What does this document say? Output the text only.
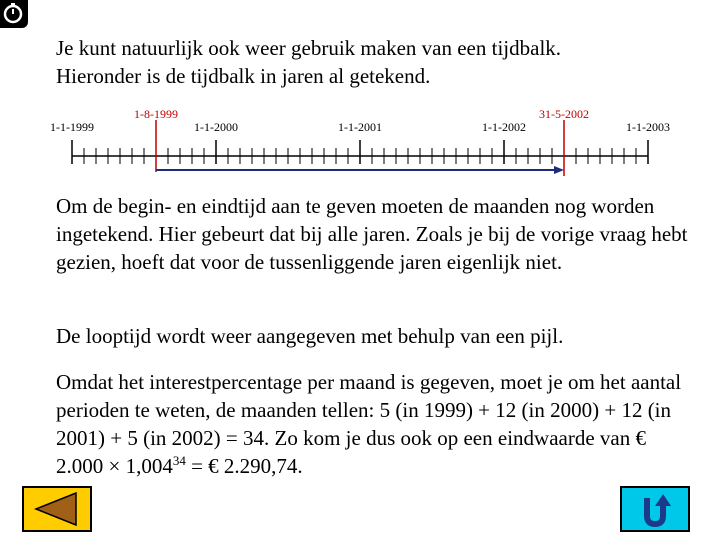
Je kunt natuurlijk ook weer gebruik maken van een tijdbalk.
Hieronder is de tijdbalk in jaren al getekend.

1-1-1999	1-1-2000	1-1-2001	1-1-2002	1-1-2003
1-8-1999	31-5-2002

Om de begin- en eindtijd aan te geven moeten de maanden nog worden ingetekend. Hier gebeurt dat bij alle jaren. Zoals je bij de vorige vraag hebt gezien, hoeft dat voor de tussenliggende jaren eigenlijk niet.

De looptijd wordt weer aangegeven met behulp van een pijl.

Omdat het interestpercentage per maand is gegeven, moet je om het aantal perioden te weten, de maanden tellen: 5 (in 1999) + 12 (in 2000) + 12 (in 2001) + 5 (in 2002) = 34. Zo kom je dus ook op een eindwaarde van € $2.000 \times 1,004^{34}$ = € 2.290,74.
